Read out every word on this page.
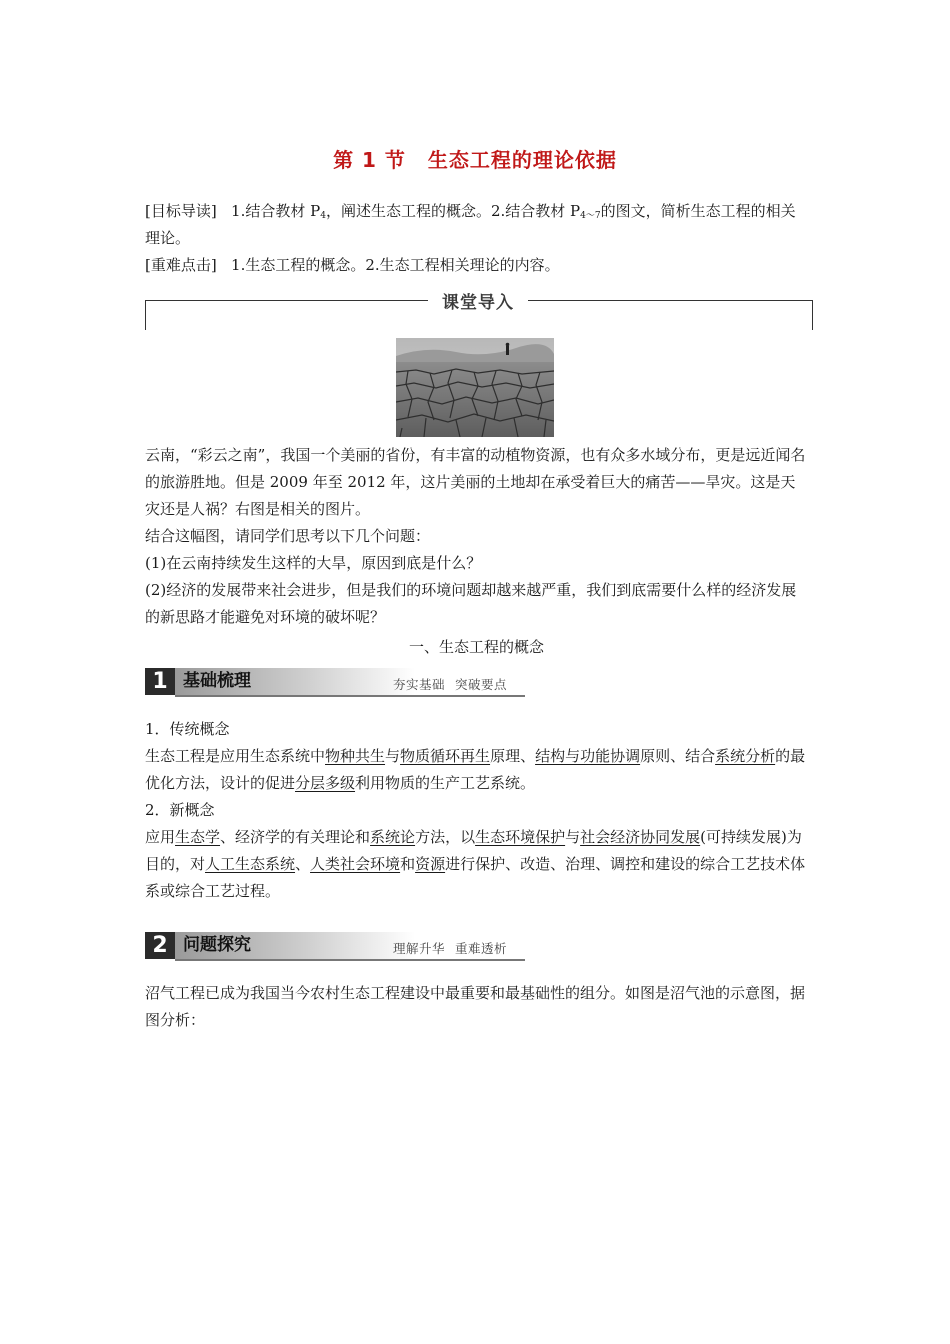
第 1 节 生态工程的理论依据

[目标导读] 1.结合教材 $P_4$，阐述生态工程的概念。2.结合教材 $P_{4\sim 7}$的图文，简析生态工程的相关理论。

[重难点击] 1.生态工程的概念。2.生态工程相关理论的内容。

课堂导入

云南，“彩云之南”，我国一个美丽的省份，有丰富的动植物资源，也有众多水域分布，更是远近闻名的旅游胜地。但是 2009 年至 2012 年，这片美丽的土地却在承受着巨大的痛苦——旱灾。这是天灾还是人祸？右图是相关的图片。

结合这幅图，请同学们思考以下几个问题：

(1)在云南持续发生这样的大旱，原因到底是什么？

(2)经济的发展带来社会进步，但是我们的环境问题却越来越严重，我们到底需要什么样的经济发展的新思路才能避免对环境的破坏呢？

一、生态工程的概念
1 基础梳理	夯实基础 突破要点

1．传统概念

生态工程是应用生态系统中物种共生与物质循环再生原理、结构与功能协调原则、结合系统分析的最优化方法，设计的促进分层多级利用物质的生产工艺系统。

2．新概念

应用生态学、经济学的有关理论和系统论方法，以生态环境保护与社会经济协同发展(可持续发展)为目的，对人工生态系统、人类社会环境和资源进行保护、改造、治理、调控和建设的综合工艺技术体系或综合工艺过程。

2 问题探究	理解升华 重难透析

沼气工程已成为我国当今农村生态工程建设中最重要和最基础性的组分。如图是沼气池的示意图，据图分析：
